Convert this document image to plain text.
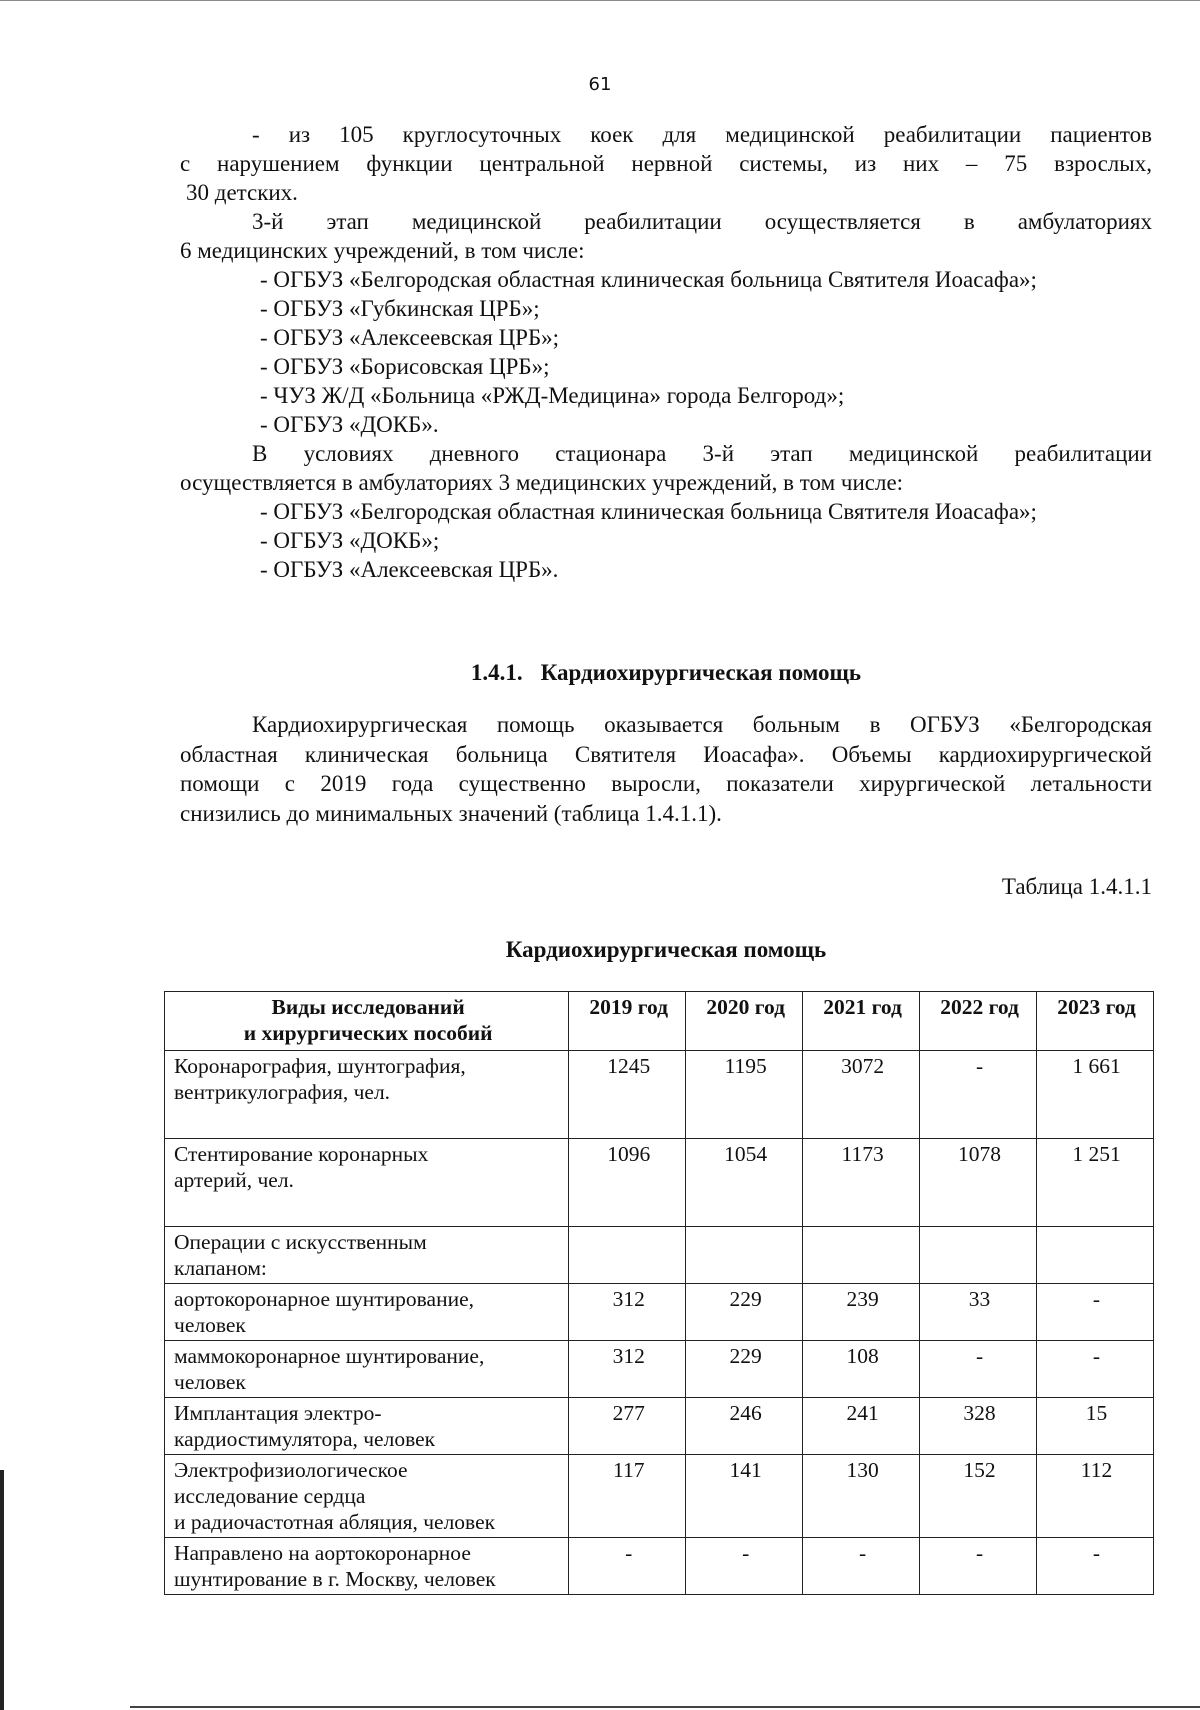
61

- из 105 круглосуточных коек для медицинской реабилитации пациентов

с нарушением функции центральной нервной системы, из них – 75 взрослых,

30 детских.

3-й этап медицинской реабилитации осуществляется в амбулаториях

6 медицинских учреждений, в том числе:

- ОГБУЗ «Белгородская областная клиническая больница Святителя Иоасафа»;

- ОГБУЗ «Губкинская ЦРБ»;

- ОГБУЗ «Алексеевская ЦРБ»;

- ОГБУЗ «Борисовская ЦРБ»;

- ЧУЗ Ж/Д «Больница «РЖД-Медицина» города Белгород»;

- ОГБУЗ «ДОКБ».

В условиях дневного стационара 3-й этап медицинской реабилитации

осуществляется в амбулаториях 3 медицинских учреждений, в том числе:

- ОГБУЗ «Белгородская областная клиническая больница Святителя Иоасафа»;

- ОГБУЗ «ДОКБ»;

- ОГБУЗ «Алексеевская ЦРБ».

1.4.1. Кардиохирургическая помощь

Кардиохирургическая помощь оказывается больным в ОГБУЗ «Белгородская

областная клиническая больница Святителя Иоасафа». Объемы кардиохирургической

помощи с 2019 года существенно выросли, показатели хирургической летальности

снизились до минимальных значений (таблица 1.4.1.1).

Таблица 1.4.1.1
Кардиохирургическая помощь
Виды исследований
и хирургических пособий	2019 год	2020 год	2021 год	2022 год	2023 год

Коронарография, шунтография,
вентрикулография, чел.	1245	1195	3072	-	1 661

Стентирование коронарных
артерий, чел.	1096	1054	1173	1078	1 251

Операции с искусственным
клапаном:					

аортокоронарное шунтирование,
человек	312	229	239	33	-

маммокоронарное шунтирование,
человек	312	229	108	-	-

Имплантация электро-
кардиостимулятора, человек	277	246	241	328	15

Электрофизиологическое
исследование сердца
и радиочастотная абляция, человек	117	141	130	152	112

Направлено на аортокоронарное
шунтирование в г. Москву, человек	-	-	-	-	-
